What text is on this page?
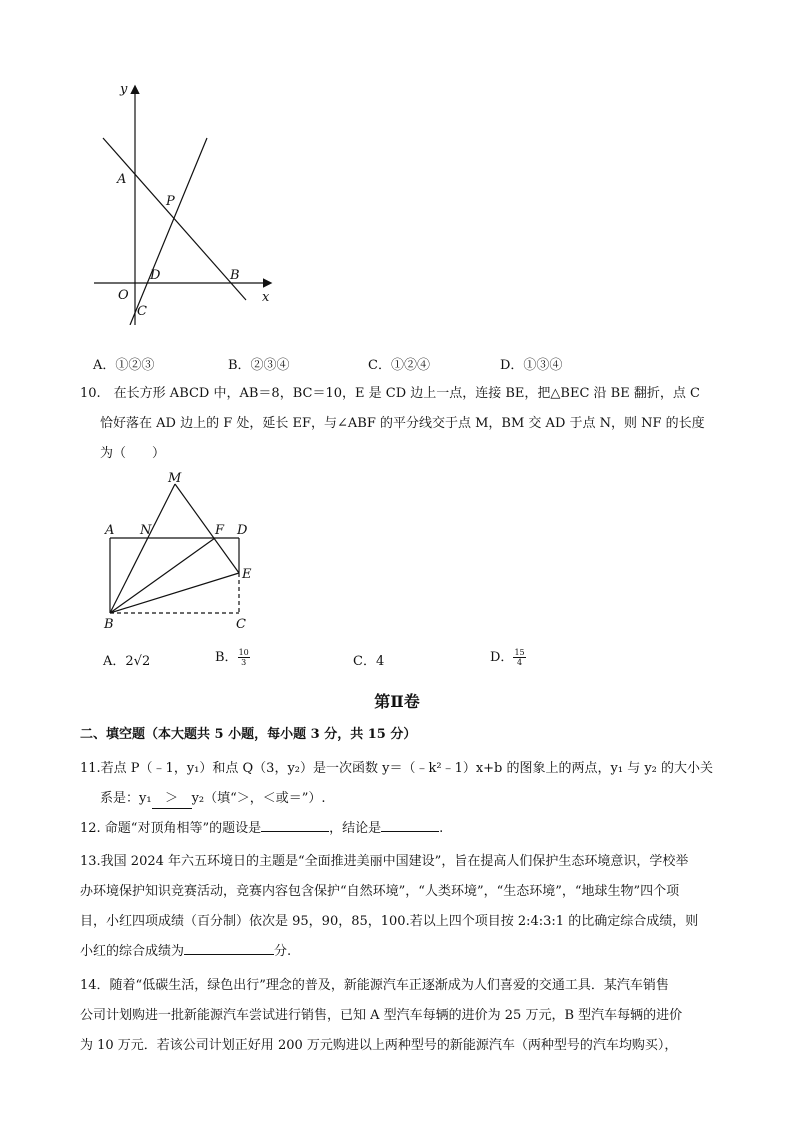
y
x
A
P
D	B
O
C
A．①②③	B．②③④	C．①②④	D．①③④
10.　在长方形 ABCD 中，AB＝8，BC＝10，E 是 CD 边上一点，连接 BE，把△BEC 沿 BE 翻折，点 C
恰好落在 AD 边上的 F 处，延长 EF，与∠ABF 的平分线交于点 M，BM 交 AD 于点 N，则 NF 的长度
为（　　）
M
A N	F D
E
B	C
A．2√2	B． $\frac{10}{3}$	C．4	D． $\frac{15}{4}$
第Ⅱ卷
二、填空题（本大题共 5 小题，每小题 3 分，共 15 分）
11.若点 P（﹣1，y₁）和点 Q（3，y₂）是一次函数 y＝（﹣k²﹣1）x+b 的图象上的两点，y₁ 与 y₂ 的大小关
系是：y₁ ＞ y₂（填“＞，＜或＝”）.
12. 命题“对顶角相等”的题设是	，结论是	.
13.我国 2024 年六五环境日的主题是“全面推进美丽中国建设”，旨在提高人们保护生态环境意识，学校举
办环境保护知识竞赛活动，竞赛内容包含保护“自然环境”，“人类环境”，“生态环境”，“地球生物”四个项
目，小红四项成绩（百分制）依次是 95，90，85，100.若以上四个项目按 2:4:3:1 的比确定综合成绩，则
小红的综合成绩为	分.
14．随着“低碳生活，绿色出行”理念的普及，新能源汽车正逐渐成为人们喜爱的交通工具．某汽车销售
公司计划购进一批新能源汽车尝试进行销售，已知 A 型汽车每辆的进价为 25 万元，B 型汽车每辆的进价
为 10 万元．若该公司计划正好用 200 万元购进以上两种型号的新能源汽车（两种型号的汽车均购买），
